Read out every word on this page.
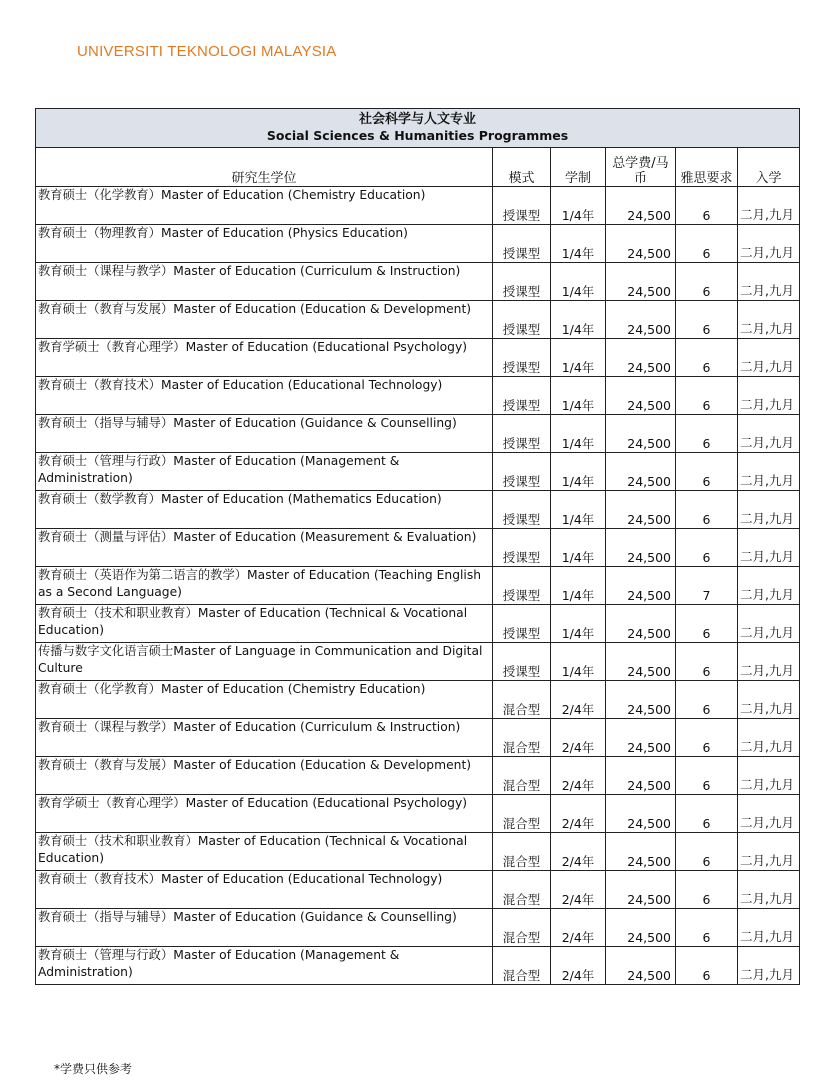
UNIVERSITI TEKNOLOGI MALAYSIA
社会科学与人文专业
Social Sciences & Humanities Programmes					

研究生学位	模式	学制	总学费/马币	雅思要求	入学
教育硕士（化学教育）Master of Education (Chemistry Education)	授课型	1/4年	24,500	6	二月,九月
教育硕士（物理教育）Master of Education (Physics Education)	授课型	1/4年	24,500	6	二月,九月
教育硕士（课程与教学）Master of Education (Curriculum & Instruction)	授课型	1/4年	24,500	6	二月,九月
教育硕士（教育与发展）Master of Education (Education & Development)	授课型	1/4年	24,500	6	二月,九月
教育学硕士（教育心理学）Master of Education (Educational Psychology)	授课型	1/4年	24,500	6	二月,九月
教育硕士（教育技术）Master of Education (Educational Technology)	授课型	1/4年	24,500	6	二月,九月
教育硕士（指导与辅导）Master of Education (Guidance & Counselling)	授课型	1/4年	24,500	6	二月,九月
教育硕士（管理与行政）Master of Education (Management & Administration)	授课型	1/4年	24,500	6	二月,九月
教育硕士（数学教育）Master of Education (Mathematics Education)	授课型	1/4年	24,500	6	二月,九月
教育硕士（测量与评估）Master of Education (Measurement & Evaluation)	授课型	1/4年	24,500	6	二月,九月
教育硕士（英语作为第二语言的教学）Master of Education (Teaching English as a Second Language)	授课型	1/4年	24,500	7	二月,九月
教育硕士（技术和职业教育）Master of Education (Technical & Vocational Education)	授课型	1/4年	24,500	6	二月,九月
传播与数字文化语言硕士Master of Language in Communication and Digital Culture	授课型	1/4年	24,500	6	二月,九月
教育硕士（化学教育）Master of Education (Chemistry Education)	混合型	2/4年	24,500	6	二月,九月
教育硕士（课程与教学）Master of Education (Curriculum & Instruction)	混合型	2/4年	24,500	6	二月,九月
教育硕士（教育与发展）Master of Education (Education & Development)	混合型	2/4年	24,500	6	二月,九月
教育学硕士（教育心理学）Master of Education (Educational Psychology)	混合型	2/4年	24,500	6	二月,九月
教育硕士（技术和职业教育）Master of Education (Technical & Vocational Education)	混合型	2/4年	24,500	6	二月,九月
教育硕士（教育技术）Master of Education (Educational Technology)	混合型	2/4年	24,500	6	二月,九月
教育硕士（指导与辅导）Master of Education (Guidance & Counselling)	混合型	2/4年	24,500	6	二月,九月
教育硕士（管理与行政）Master of Education (Management & Administration)	混合型	2/4年	24,500	6	二月,九月
*学费只供参考
